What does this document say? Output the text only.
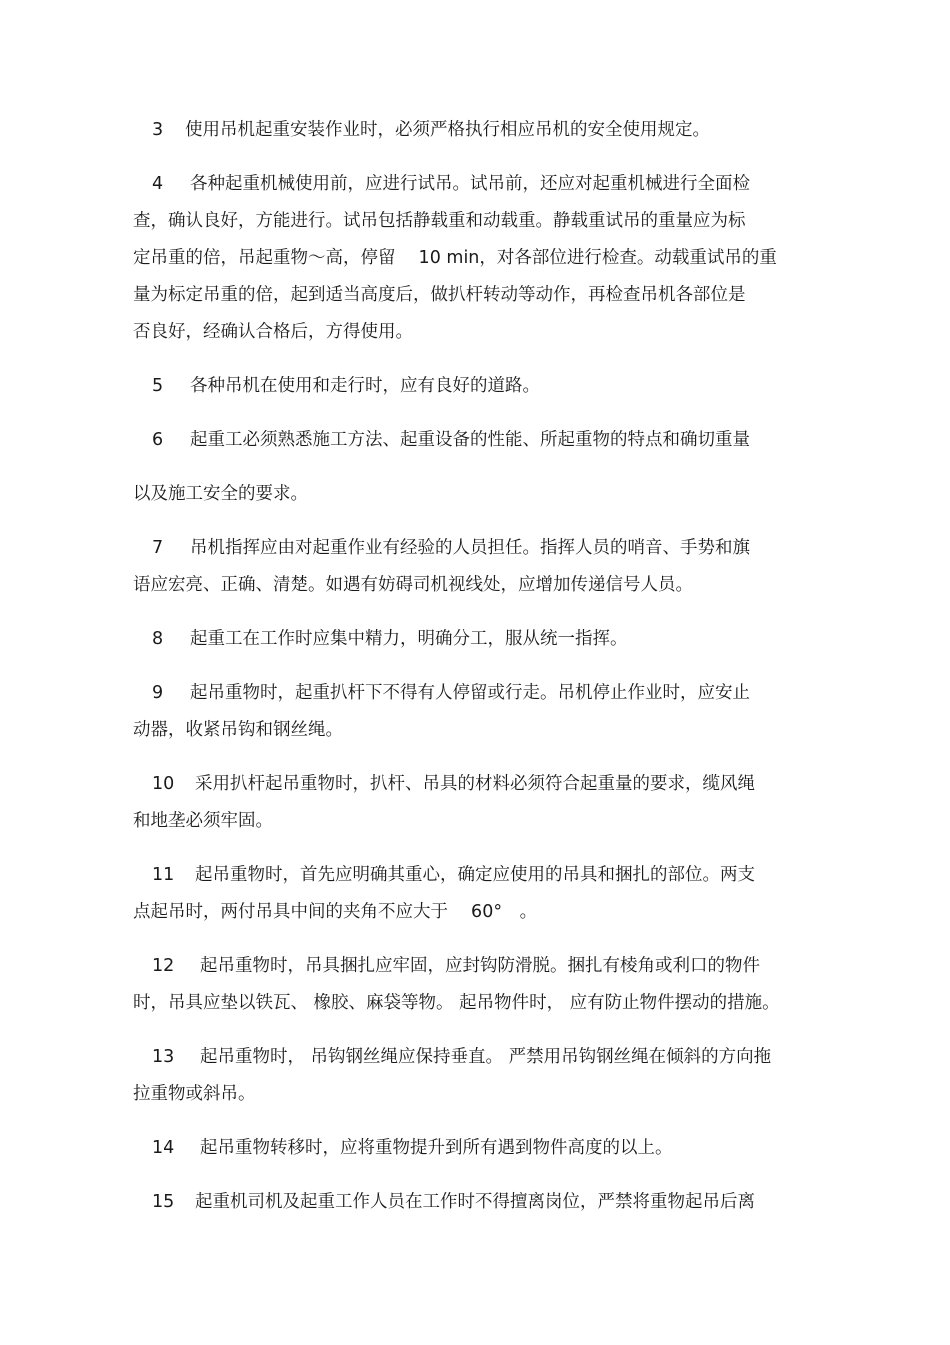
3 使用吊机起重安装作业时，必须严格执行相应吊机的安全使用规定。
4 各种起重机械使用前，应进行试吊。试吊前，还应对起重机械进行全面检
查，确认良好，方能进行。试吊包括静载重和动载重。静载重试吊的重量应为标
定吊重的倍，吊起重物～高，停留　 10 min，对各部位进行检查。动载重试吊的重
量为标定吊重的倍，起到适当高度后，做扒杆转动等动作，再检查吊机各部位是
否良好，经确认合格后，方得使用。
5 各种吊机在使用和走行时，应有良好的道路。
6 起重工必须熟悉施工方法、起重设备的性能、所起重物的特点和确切重量
以及施工安全的要求。
7 吊机指挥应由对起重作业有经验的人员担任。指挥人员的哨音、手势和旗
语应宏亮、正确、清楚。如遇有妨碍司机视线处，应增加传递信号人员。
8 起重工在工作时应集中精力，明确分工，服从统一指挥。
9 起吊重物时，起重扒杆下不得有人停留或行走。吊机停止作业时，应安止
动器，收紧吊钩和钢丝绳。
10 采用扒杆起吊重物时，扒杆、吊具的材料必须符合起重量的要求，缆风绳
和地垄必须牢固。
11 起吊重物时，首先应明确其重心，确定应使用的吊具和捆扎的部位。两支
点起吊时，两付吊具中间的夹角不应大于　 60°　。
12 起吊重物时，吊具捆扎应牢固，应封钩防滑脱。捆扎有棱角或利口的物件
时，吊具应垫以铁瓦、 橡胶、麻袋等物。 起吊物件时， 应有防止物件摆动的措施。
13 起吊重物时， 吊钩钢丝绳应保持垂直。 严禁用吊钩钢丝绳在倾斜的方向拖
拉重物或斜吊。
14 起吊重物转移时，应将重物提升到所有遇到物件高度的以上。
15 起重机司机及起重工作人员在工作时不得擅离岗位，严禁将重物起吊后离
